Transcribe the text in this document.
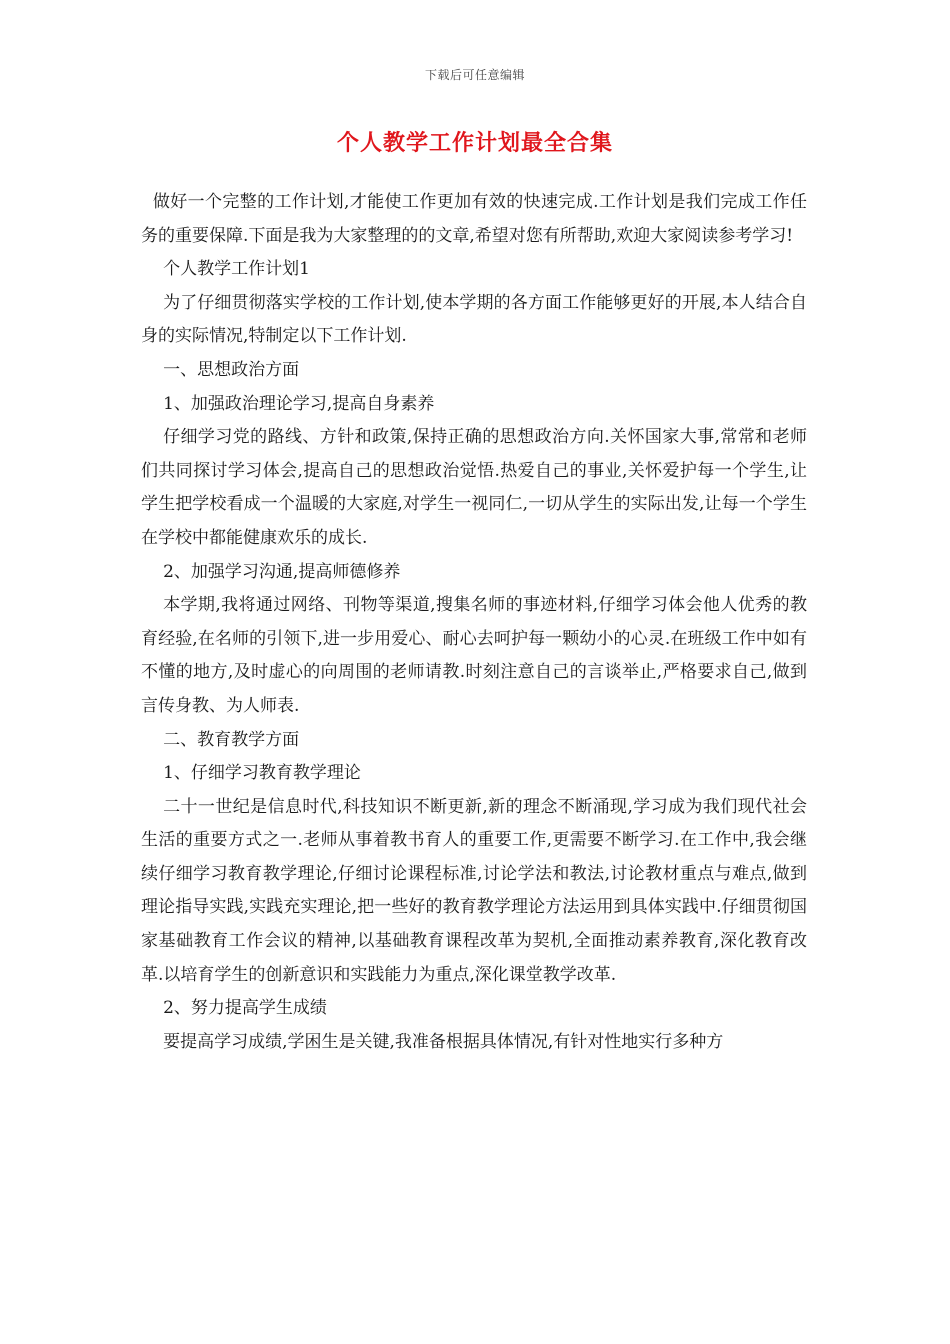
下载后可任意编辑
个人教学工作计划最全合集

做好一个完整的工作计划,才能使工作更加有效的快速完成.工作计划是我们完成工作任务的重要保障.下面是我为大家整理的的文章,希望对您有所帮助,欢迎大家阅读参考学习!

个人教学工作计划1

为了仔细贯彻落实学校的工作计划,使本学期的各方面工作能够更好的开展,本人结合自身的实际情况,特制定以下工作计划.

一、思想政治方面

1、加强政治理论学习,提高自身素养

仔细学习党的路线、方针和政策,保持正确的思想政治方向.关怀国家大事,常常和老师们共同探讨学习体会,提高自己的思想政治觉悟.热爱自己的事业,关怀爱护每一个学生,让学生把学校看成一个温暖的大家庭,对学生一视同仁,一切从学生的实际出发,让每一个学生在学校中都能健康欢乐的成长.

2、加强学习沟通,提高师德修养

本学期,我将通过网络、刊物等渠道,搜集名师的事迹材料,仔细学习体会他人优秀的教育经验,在名师的引领下,进一步用爱心、耐心去呵护每一颗幼小的心灵.在班级工作中如有不懂的地方,及时虚心的向周围的老师请教.时刻注意自己的言谈举止,严格要求自己,做到言传身教、为人师表.

二、教育教学方面

1、仔细学习教育教学理论

二十一世纪是信息时代,科技知识不断更新,新的理念不断涌现,学习成为我们现代社会生活的重要方式之一.老师从事着教书育人的重要工作,更需要不断学习.在工作中,我会继续仔细学习教育教学理论,仔细讨论课程标准,讨论学法和教法,讨论教材重点与难点,做到理论指导实践,实践充实理论,把一些好的教育教学理论方法运用到具体实践中.仔细贯彻国家基础教育工作会议的精神,以基础教育课程改革为契机,全面推动素养教育,深化教育改革.以培育学生的创新意识和实践能力为重点,深化课堂教学改革.

2、努力提高学生成绩

要提高学习成绩,学困生是关键,我准备根据具体情况,有针对性地实行多种方
